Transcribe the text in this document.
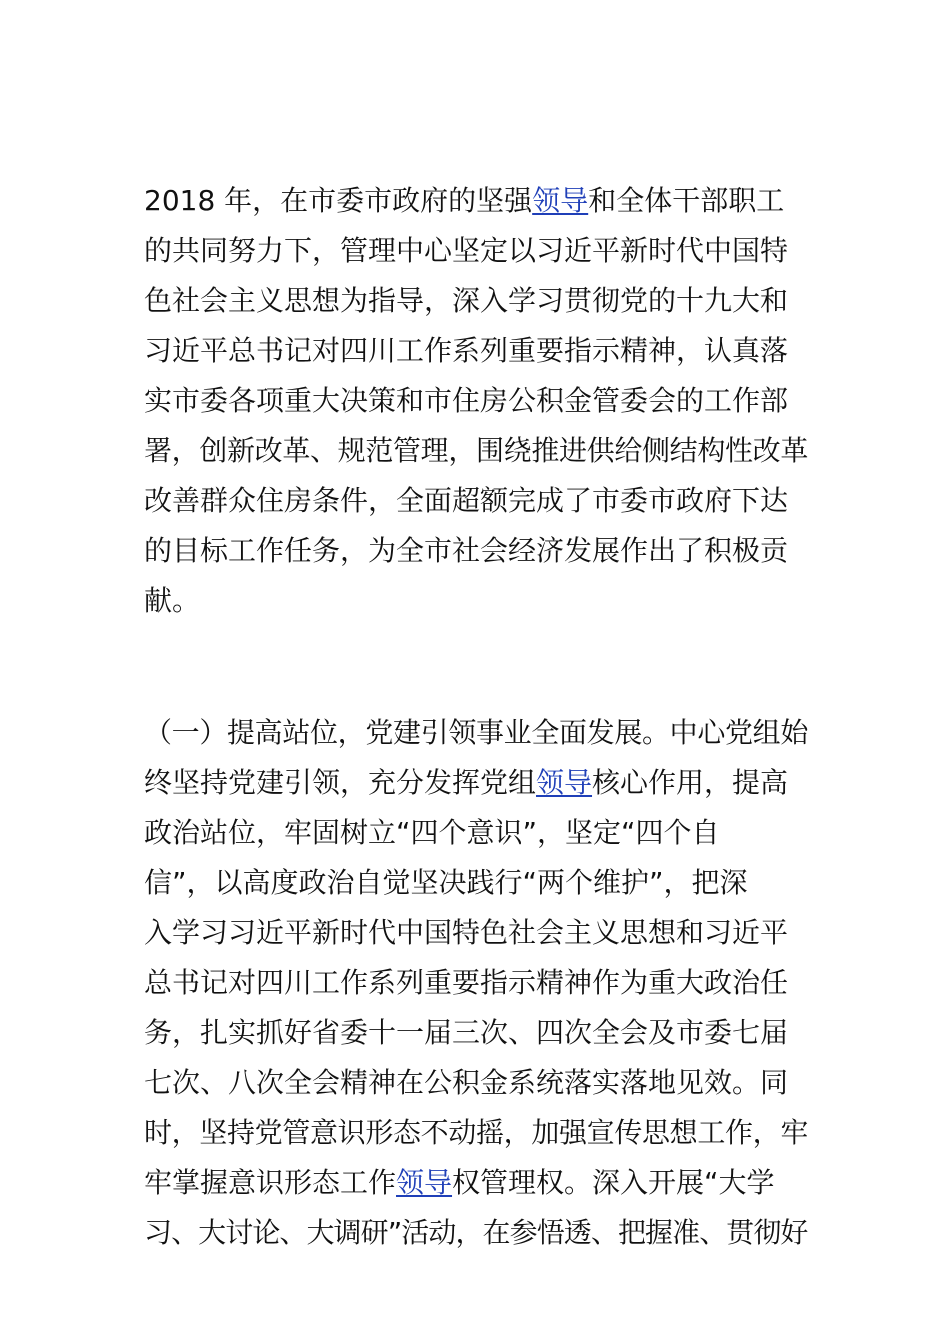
2018 年，在市委市政府的坚强领导和全体干部职工
的共同努力下，管理中心坚定以习近平新时代中国特
色社会主义思想为指导，深入学习贯彻党的十九大和
习近平总书记对四川工作系列重要指示精神，认真落
实市委各项重大决策和市住房公积金管委会的工作部
署，创新改革、规范管理，围绕推进供给侧结构性改革
改善群众住房条件，全面超额完成了市委市政府下达
的目标工作任务，为全市社会经济发展作出了积极贡
献。
（一）提高站位，党建引领事业全面发展。中心党组始
终坚持党建引领，充分发挥党组领导核心作用，提高
政治站位，牢固树立“四个意识”，坚定“四个自
信”，以高度政治自觉坚决践行“两个维护”，把深
入学习习近平新时代中国特色社会主义思想和习近平
总书记对四川工作系列重要指示精神作为重大政治任
务，扎实抓好省委十一届三次、四次全会及市委七届
七次、八次全会精神在公积金系统落实落地见效。同
时，坚持党管意识形态不动摇，加强宣传思想工作，牢
牢掌握意识形态工作领导权管理权。深入开展“大学
习、大讨论、大调研”活动，在参悟透、把握准、贯彻好
